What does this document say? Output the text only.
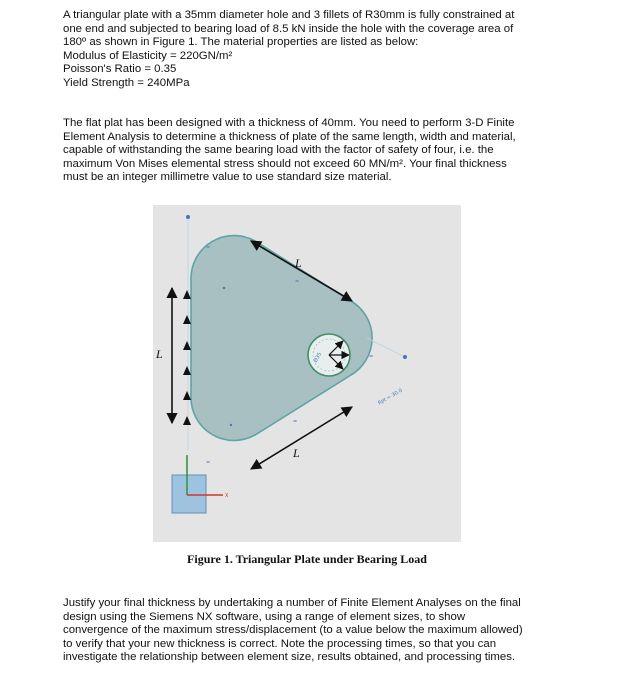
A triangular plate with a 35mm diameter hole and 3 fillets of R30mm is fully constrained at
one end and subjected to bearing load of 8.5 kN inside the hole with the coverage area of
180º as shown in Figure 1. The material properties are listed as below:
Modulus of Elasticity = 220GN/m²
Poisson's Ratio = 0.35
Yield Strength = 240MPa

The flat plat has been designed with a thickness of 40mm. You need to perform 3-D Finite
Element Analysis to determine a thickness of plate of the same length, width and material,
capable of withstanding the same bearing load with the factor of safety of four, i.e. the
maximum Von Mises elemental stress should not exceed 60 MN/m². Your final thickness
must be an integer millimetre value to use standard size material.

=
=
=
=
=
Ø35
L
L
L
Rpt = 30.0
X
Figure 1. Triangular Plate under Bearing Load

Justify your final thickness by undertaking a number of Finite Element Analyses on the final
design using the Siemens NX software, using a range of element sizes, to show
convergence of the maximum stress/displacement (to a value below the maximum allowed)
to verify that your new thickness is correct. Note the processing times, so that you can
investigate the relationship between element size, results obtained, and processing times.
